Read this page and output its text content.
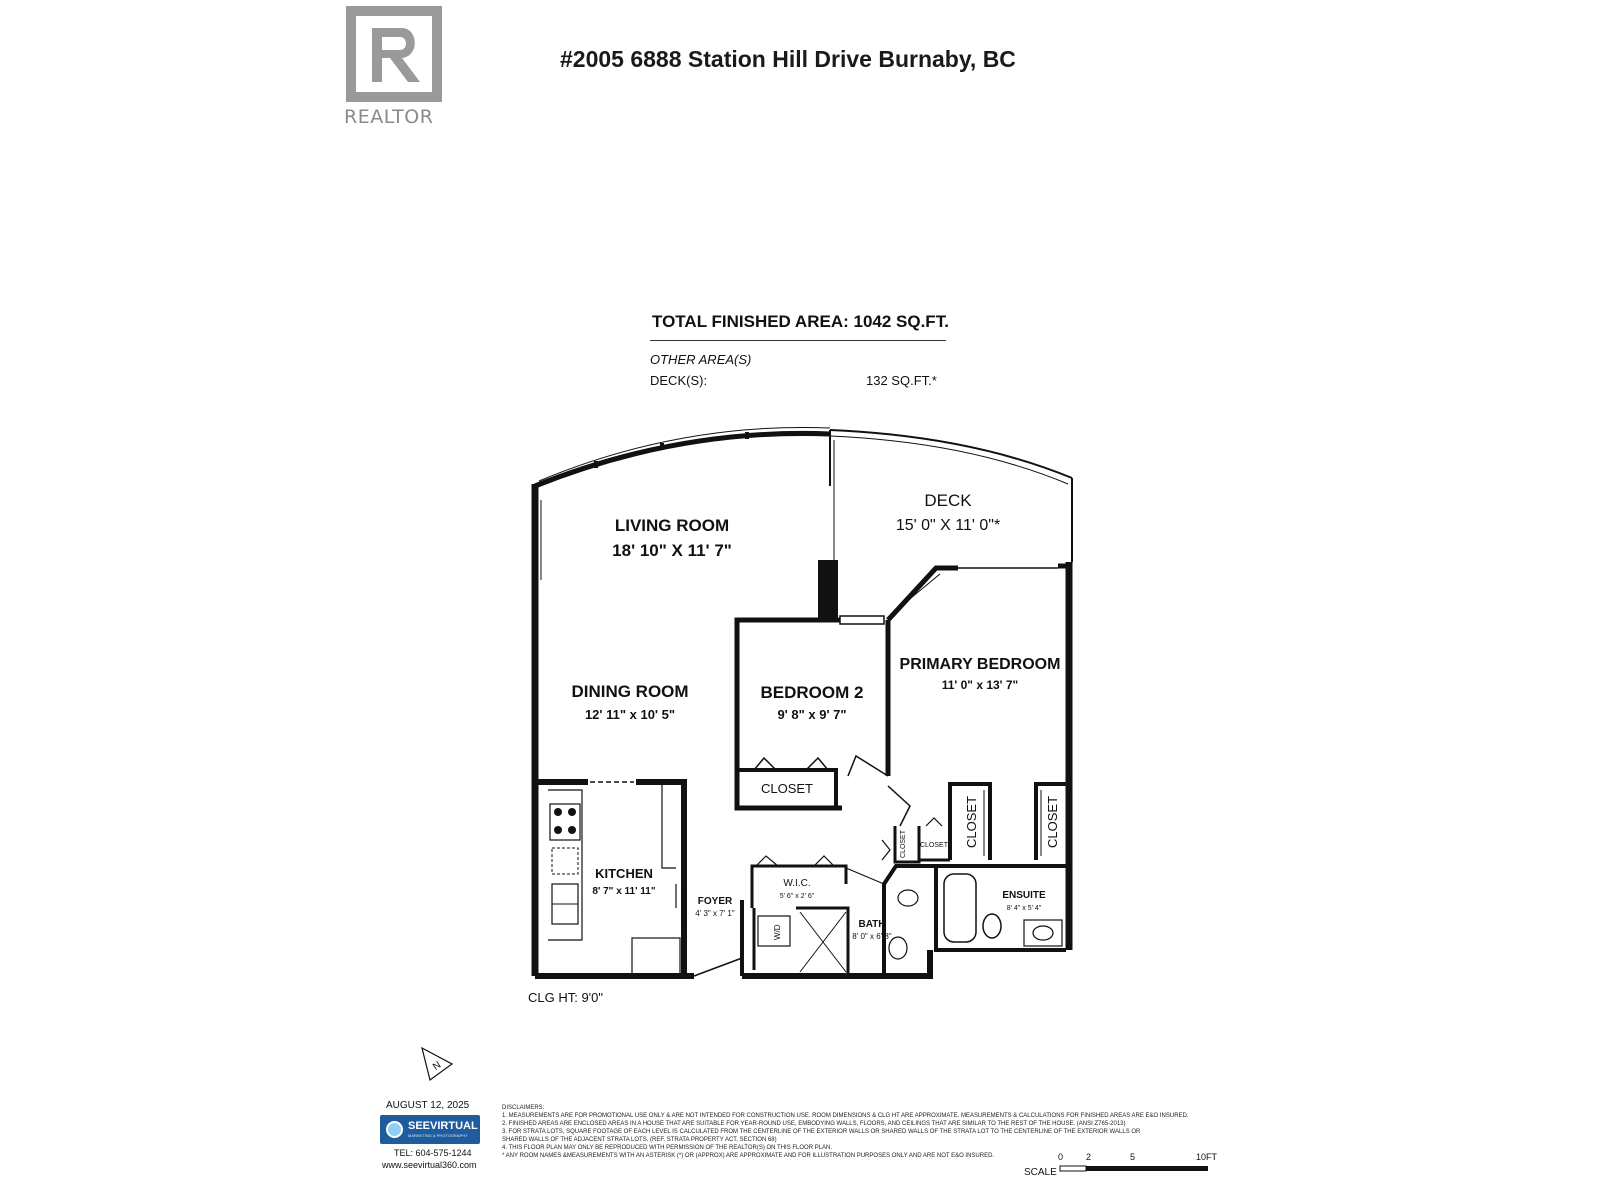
REALTOR
#2005 6888 Station Hill Drive Burnaby, BC
TOTAL FINISHED AREA: 1042 SQ.FT.
OTHER AREA(S)
DECK(S):	132 SQ.FT.*
DECK
15' 0" X 11' 0"*
LIVING ROOM
18' 10" X 11' 7"
DINING ROOM
12' 11" x 10' 5"
BEDROOM 2
9' 8" x 9' 7"
PRIMARY BEDROOM
11' 0" x 13' 7"
CLOSET
KITCHEN
8' 7" x 11' 11"
FOYER
4' 3" x 7' 1"
W.I.C.
5' 6" x 2' 6"
BATH
8' 0" x 6' 8"
ENSUITE
8' 4" x 5' 4"
CLOSET
CLOSET	CLOSET	CLOSET
W/D
CLG HT: 9'0"
N
AUGUST 12, 2025
SEEVIRTUAL
MARKETING & PHOTOGRAPHY
TEL: 604-575-1244
www.seevirtual360.com
DISCLAIMERS:
1. MEASUREMENTS ARE FOR PROMOTIONAL USE ONLY & ARE NOT INTENDED FOR CONSTRUCTION USE. ROOM DIMENSIONS & CLG HT ARE APPROXIMATE. MEASUREMENTS & CALCULATIONS FOR FINISHED AREAS ARE E&O INSURED.
2. FINISHED AREAS ARE ENCLOSED AREAS IN A HOUSE THAT ARE SUITABLE FOR YEAR-ROUND USE, EMBODYING WALLS, FLOORS, AND CEILINGS THAT ARE SIMILAR TO THE REST OF THE HOUSE. (ANSI Z765-2013)
3. FOR STRATA LOTS, SQUARE FOOTAGE OF EACH LEVEL IS CALCULATED FROM THE CENTERLINE OF THE EXTERIOR WALLS OR SHARED WALLS OF THE STRATA LOT TO THE CENTERLINE OF THE EXTERIOR WALLS OR
SHARED WALLS OF THE ADJACENT STRATA LOTS. (REF. STRATA PROPERTY ACT, SECTION 68)
4. THIS FLOOR PLAN MAY ONLY BE REPRODUCED WITH PERMISSION OF THE REALTOR(S) ON THIS FLOOR PLAN.
* ANY ROOM NAMES &MEASUREMENTS WITH AN ASTERISK (*) OR (APPROX) ARE APPROXIMATE AND FOR ILLUSTRATION PURPOSES ONLY AND ARE NOT E&O INSURED.
SCALE
0	2	5	10FT
